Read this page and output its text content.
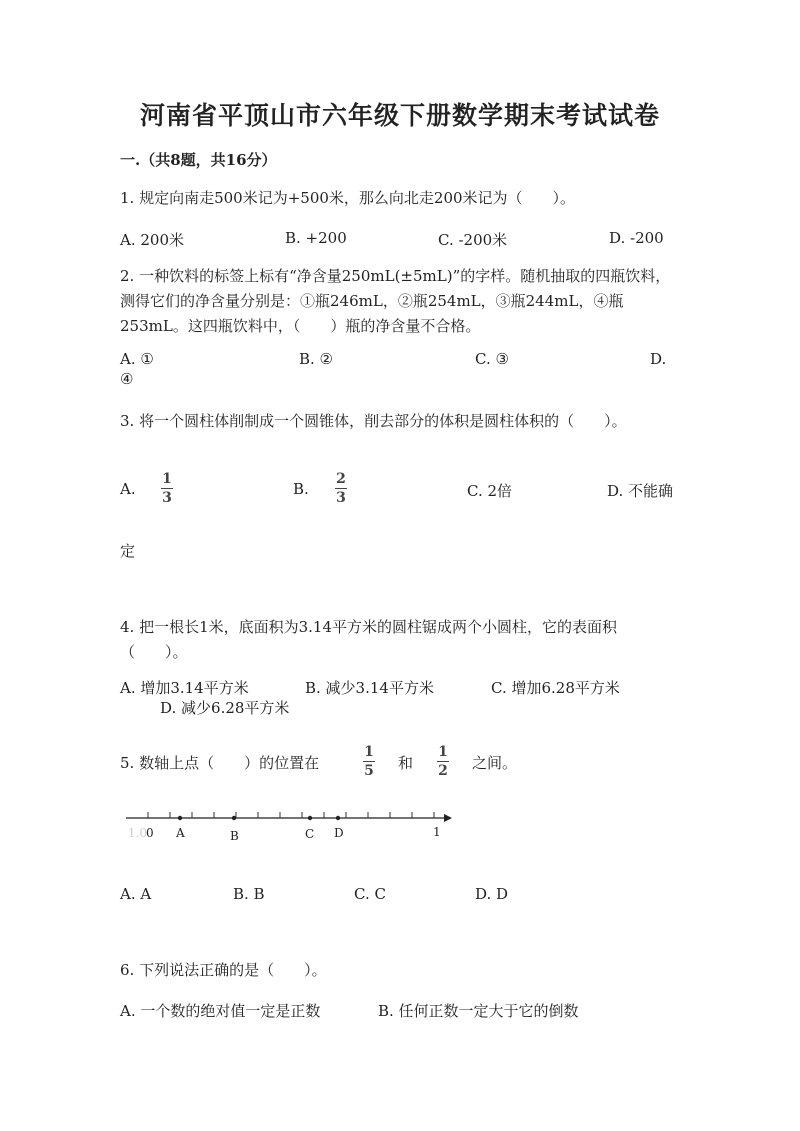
河南省平顶山市六年级下册数学期末考试试卷
一.（共8题，共16分）
1. 规定向南走500米记为+500米，那么向北走200米记为（　　）。
A. 200米	B. +200	C. -200米	D. -200
2. 一种饮料的标签上标有“净含量250mL(±5mL)”的字样。随机抽取的四瓶饮料，测得它们的净含量分别是：①瓶246mL，②瓶254mL，③瓶244mL，④瓶253mL。这四瓶饮料中，（　　）瓶的净含量不合格。
A. ①	B. ②	C. ③	D.
④
3. 将一个圆柱体削制成一个圆锥体，削去部分的体积是圆柱体积的（　　）。
A.
1
3	B.
2
3	C. 2倍	D. 不能确
定
4. 把一根长1米，底面积为3.14平方米的圆柱锯成两个小圆柱，它的表面积（　　）。
A. 增加3.14平方米	B. 减少3.14平方米	C. 增加6.28平方米
D. 减少6.28平方米
5. 数轴上点（　　）的位置在
1
5 和
1
2 之间。
1.0
0 A	B	C D	1
A. A	B. B	C. C	D. D
6. 下列说法正确的是（　　）。
A. 一个数的绝对值一定是正数	B. 任何正数一定大于它的倒数
